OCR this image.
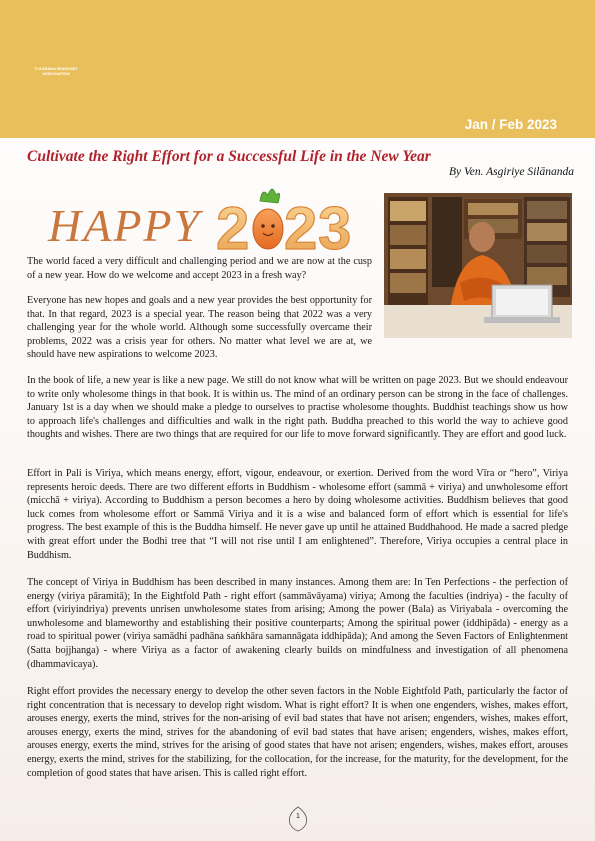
TI-SARANA BUDDHIST
ASSOCIATION
Jan / Feb 2023
Cultivate the Right Effort for a Successful Life in the New Year
By Ven. Asgiriye Silānanda
HAPPY 2 2 3

The world faced a very difficult and challenging period and we are now at the cusp of a new year. How do we welcome and accept 2023 in a fresh way?

Everyone has new hopes and goals and a new year provides the best opportunity for that. In that regard, 2023 is a special year. The reason being that 2022 was a very challenging year for the whole world. Although some successfully overcame their problems, 2022 was a crisis year for others. No matter what level we are at, we should have new aspirations to welcome 2023.

In the book of life, a new year is like a new page. We still do not know what will be written on page 2023. But we should endeavour to write only wholesome things in that book. It is within us. The mind of an ordinary person can be strong in the face of challenges. January 1st is a day when we should make a pledge to ourselves to practise wholesome thoughts. Buddhist teachings show us how to approach life's challenges and difficulties and walk in the right path. Buddha preached to this world the way to achieve good thoughts and wishes. There are two things that are required for our life to move forward significantly. They are effort and good luck.

Effort in Pali is Viriya, which means energy, effort, vigour, endeavour, or exertion. Derived from the word Vīra or “hero”, Viriya represents heroic deeds. There are two different efforts in Buddhism - wholesome effort (sammā + viriya) and unwholesome effort (micchā + viriya). According to Buddhism a person becomes a hero by doing wholesome activities. Buddhism believes that good luck comes from wholesome effort or Sammā Viriya and it is a wise and balanced form of effort which is essential for life's progress. The best example of this is the Buddha himself. He never gave up until he attained Buddhahood. He made a sacred pledge with great effort under the Bodhi tree that “I will not rise until I am enlightened”. Therefore, Viriya occupies a central place in Buddhism.

The concept of Viriya in Buddhism has been described in many instances. Among them are: In Ten Perfections - the perfection of energy (viriya pāramitā); In the Eightfold Path - right effort (sammāvāyama) viriya; Among the faculties (indriya) - the faculty of effort (viriyindriya) prevents unrisen unwholesome states from arising; Among the power (Bala) as Viriyabala - overcoming the unwholesome and blameworthy and establishing their positive counterparts; Among the spiritual power (iddhipāda) - energy as a road to spiritual power (viriya samādhi padhāna saṅkhāra samannāgata iddhipāda); And among the Seven Factors of Enlightenment (Satta bojjhanga) - where Viriya as a factor of awakening clearly builds on mindfulness and investigation of all phenomena (dhammavicaya).

Right effort provides the necessary energy to develop the other seven factors in the Noble Eightfold Path, particularly the factor of right concentration that is necessary to develop right wisdom. What is right effort? It is when one engenders, wishes, makes effort, arouses energy, exerts the mind, strives for the non-arising of evil bad states that have not arisen; engenders, wishes, makes effort, arouses energy, exerts the mind, strives for the abandoning of evil bad states that have arisen; engenders, wishes, makes effort, arouses energy, exerts the mind, strives for the arising of good states that have not arisen; engenders, wishes, makes effort, arouses energy, exerts the mind, strives for the stabilizing, for the collocation, for the increase, for the maturity, for the development, for the completion of good states that have arisen. This is called right effort.

1
